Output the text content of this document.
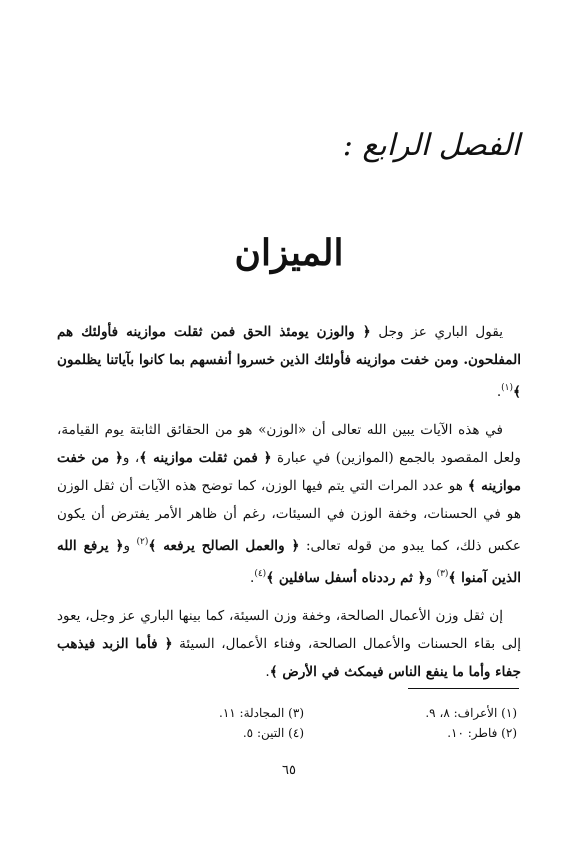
الفصل الرابع :
الميزان

يقول الباري عز وجل ﴿ والوزن يومئذ الحق فمن ثقلت موازينه فأولئك هم المفلحون. ومن خفت موازينه فأولئك الذين خسروا أنفسهم بما كانوا بآياتنا يظلمون ﴾$^{(١)}$.

في هذه الآيات يبين الله تعالى أن «الوزن» هو من الحقائق الثابتة يوم القيامة، ولعل المقصود بالجمع (الموازين) في عبارة ﴿ فمن ثقلت موازينه ﴾، و﴿ من خفت موازينه ﴾ هو عدد المرات التي يتم فيها الوزن، كما توضح هذه الآيات أن ثقل الوزن هو في الحسنات، وخفة الوزن في السيئات، رغم أن ظاهر الأمر يفترض أن يكون عكس ذلك، كما يبدو من قوله تعالى: ﴿ والعمل الصالح يرفعه ﴾$^{(٢)}$ و﴿ يرفع الله الذين آمنوا ﴾$^{(٣)}$ و﴿ ثم رددناه أسفل سافلين ﴾$^{(٤)}$.

إن ثقل وزن الأعمال الصالحة، وخفة وزن السيئة، كما بينها الباري عز وجل، يعود إلى بقاء الحسنات والأعمال الصالحة، وفناء الأعمال، السيئة ﴿ فأما الزبد فيذهب جفاء وأما ما ينفع الناس فيمكث في الأرض ﴾.

(١) الأعراف: ٨، ٩.
(٢) فاطر: ١٠.
(٣) المجادلة: ١١.
(٤) التين: ٥.
٦٥
